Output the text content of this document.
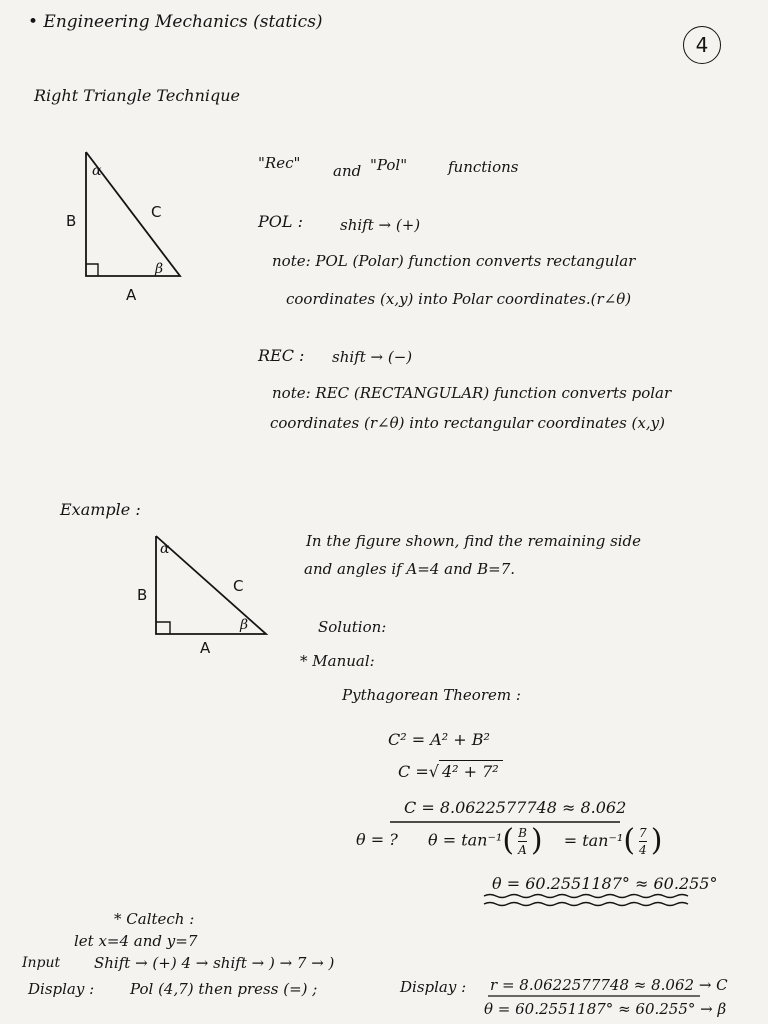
• Engineering Mechanics (statics)
4
Right Triangle Technique
α
β
B	C
A
"Rec" and "Pol"	functions
POL : shift → (+)
note: POL (Polar) function converts rectangular
coordinates (x,y) into Polar coordinates.(r∠θ)
REC : shift → (−)
note: REC (RECTANGULAR) function converts polar
coordinates (r∠θ) into rectangular coordinates (x,y)
Example :
α
β
B	C
A
In the figure shown, find the remaining side
and angles if A=4 and B=7.
Solution:
* Manual:
Pythagorean Theorem :
C² = A² + B²
C =√ 4² + 7²
C = 8.0622577748 ≈ 8.062
θ = ? $\theta = \tan^{-1}( \frac{B}{A}$ ) = $\tan^{-1}( \frac{7}{4}$ )
θ = 60.2551187° ≈ 60.255°
* Caltech :
let x=4 and y=7
Input Shift → (+) 4 → shift → ) → 7 → )
Display : Pol (4,7) then press (=) ;	Display : r = 8.0622577748 ≈ 8.062 → C
θ = 60.2551187° ≈ 60.255° → β
